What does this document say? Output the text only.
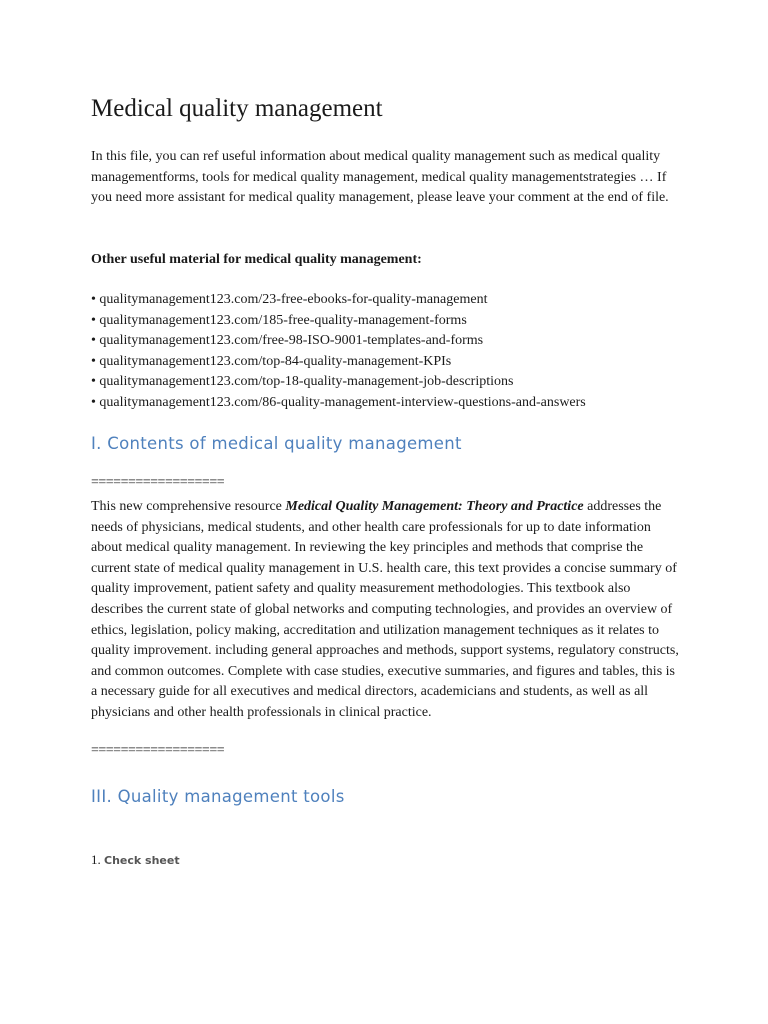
Medical quality management

In this file, you can ref useful information about medical quality management such as medical quality managementforms, tools for medical quality management, medical quality managementstrategies … If you need more assistant for medical quality management, please leave your comment at the end of file.

Other useful material for medical quality management:

• qualitymanagement123.com/23-free-ebooks-for-quality-management
• qualitymanagement123.com/185-free-quality-management-forms
• qualitymanagement123.com/free-98-ISO-9001-templates-and-forms
• qualitymanagement123.com/top-84-quality-management-KPIs
• qualitymanagement123.com/top-18-quality-management-job-descriptions
• qualitymanagement123.com/86-quality-management-interview-questions-and-answers
I. Contents of medical quality management
==================

This new comprehensive resource Medical Quality Management: Theory and Practice addresses the needs of physicians, medical students, and other health care professionals for up to date information about medical quality management. In reviewing the key principles and methods that comprise the current state of medical quality management in U.S. health care, this text provides a concise summary of quality improvement, patient safety and quality measurement methodologies. This textbook also describes the current state of global networks and computing technologies, and provides an overview of ethics, legislation, policy making, accreditation and utilization management techniques as it relates to quality improvement. including general approaches and methods, support systems, regulatory constructs, and common outcomes. Complete with case studies, executive summaries, and figures and tables, this is a necessary guide for all executives and medical directors, academicians and students, as well as all physicians and other health professionals in clinical practice.

==================
III. Quality management tools

1. Check sheet
